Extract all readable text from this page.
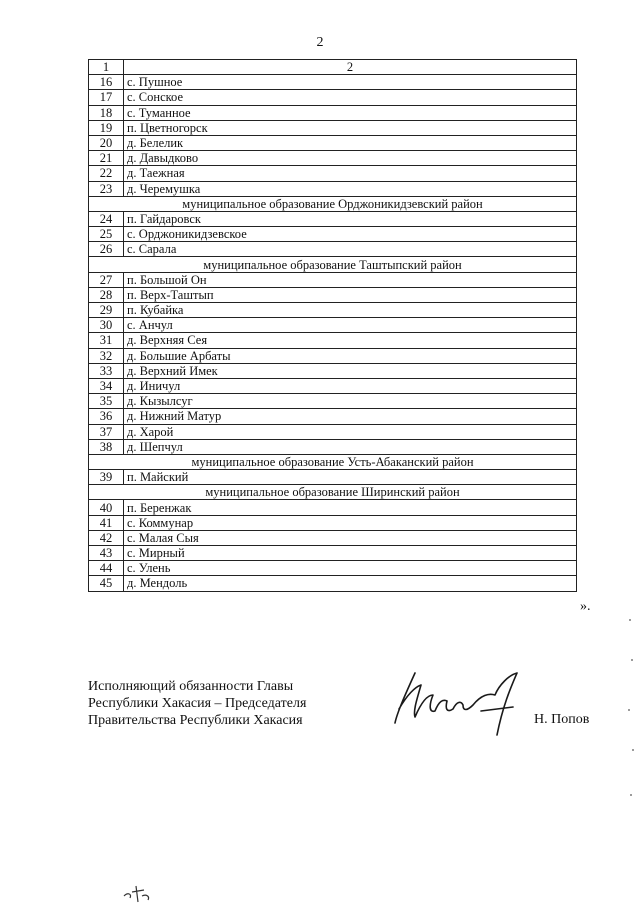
2
1	2
16	с. Пушное
17	с. Сонское
18	с. Туманное
19	п. Цветногорск
20	д. Белелик
21	д. Давыдково
22	д. Таежная
23	д. Черемушка
муниципальное образование Орджоникидзевский район	
24	п. Гайдаровск
25	с. Орджоникидзевское
26	с. Сарала
муниципальное образование Таштыпский район	
27	п. Большой Он
28	п. Верх-Таштып
29	п. Кубайка
30	с. Анчул
31	д. Верхняя Сея
32	д. Большие Арбаты
33	д. Верхний Имек
34	д. Иничул
35	д. Кызылсуг
36	д. Нижний Матур
37	д. Харой
38	д. Шепчул
муниципальное образование Усть-Абаканский район	
39	п. Майский
муниципальное образование Ширинский район	
40	п. Беренжак
41	с. Коммунар
42	с. Малая Сыя
43	с. Мирный
44	с. Улень
45	д. Мендоль
».
Исполняющий обязанности Главы
Республики Хакасия – Председателя
Правительства Республики Хакасия	Н. Попов
